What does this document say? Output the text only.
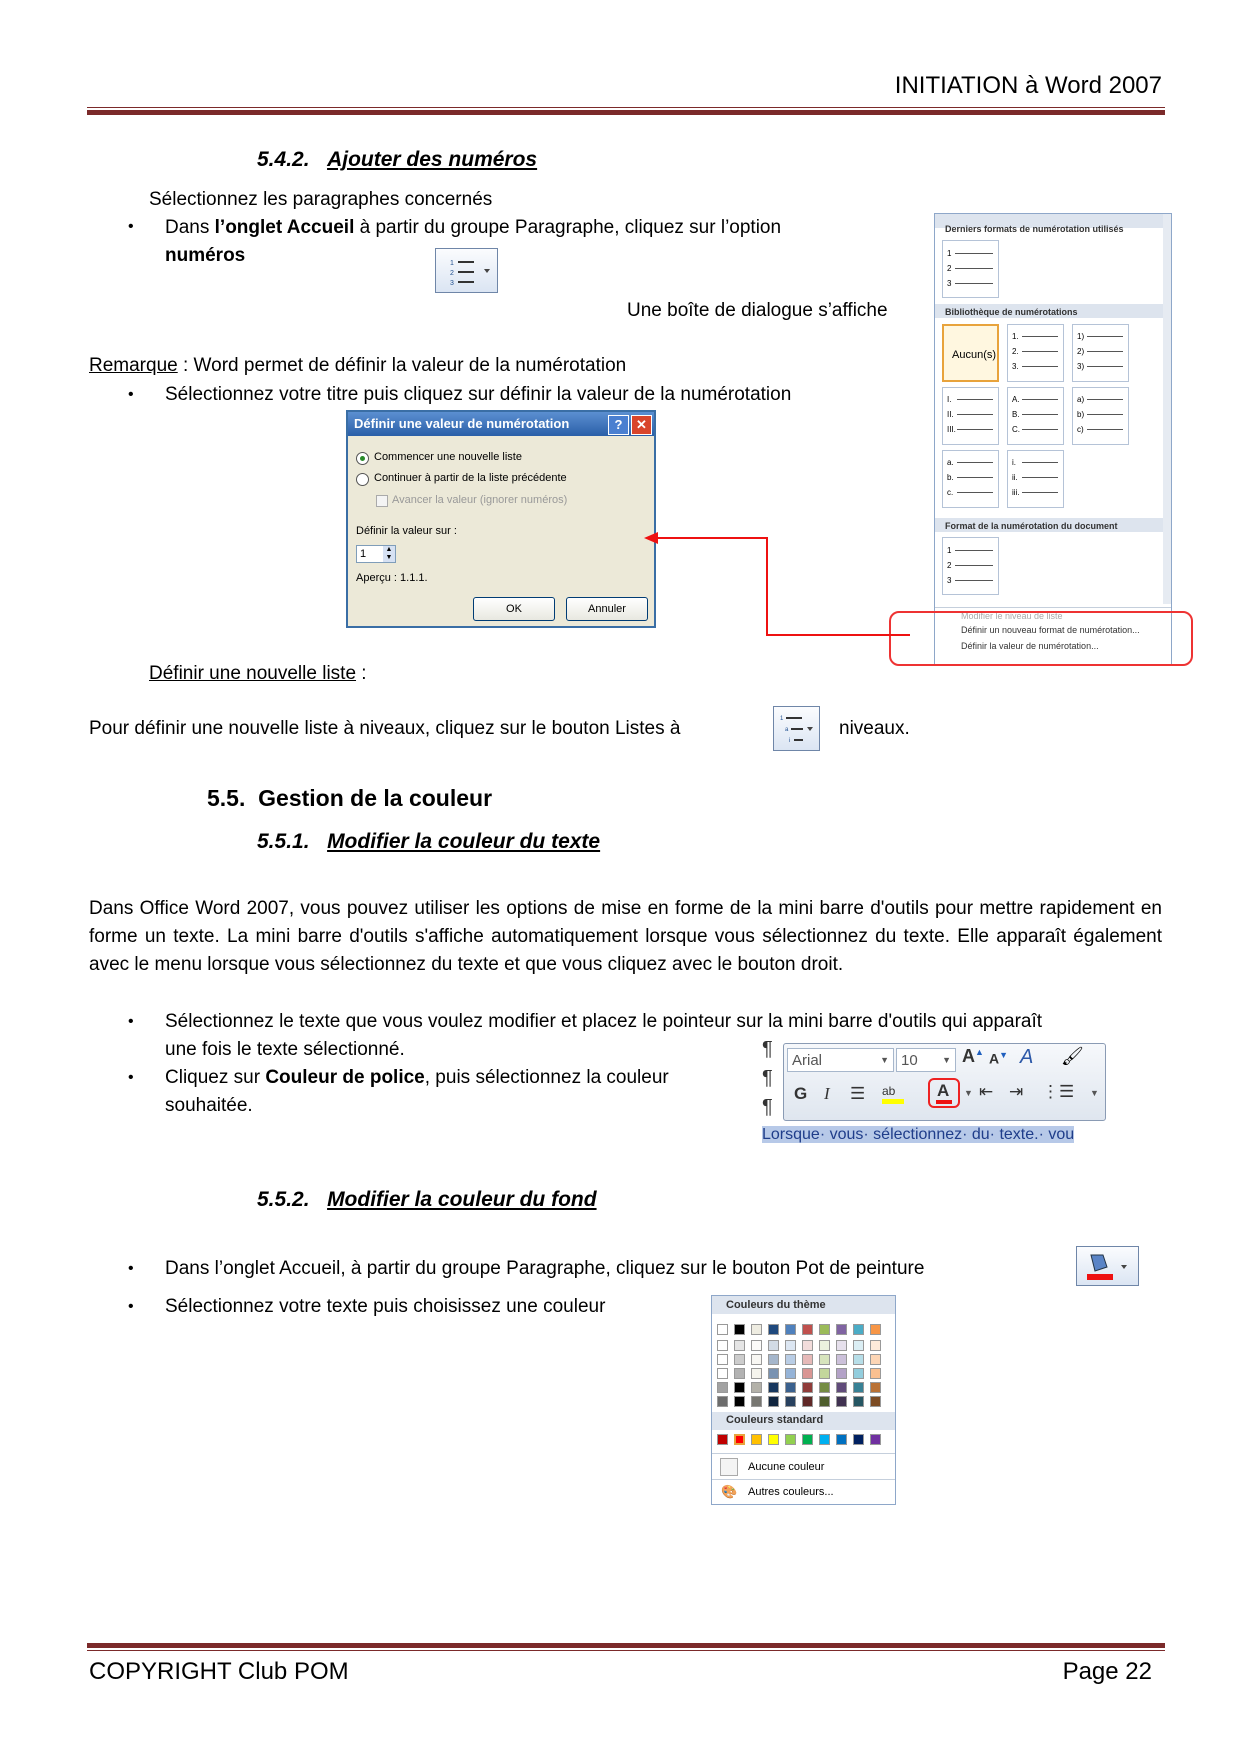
INITIATION à Word 2007
5.4.2. Ajouter des numéros
Sélectionnez les paragraphes concernés
• Dans l’onglet Accueil à partir du groupe Paragraphe, cliquez sur l’option
numéros	1
2
3
Une boîte de dialogue s’affiche
Derniers formats de numérotation utilisés
1
2
3
Bibliothèque de numérotations
Aucun(s)
1.
2.
3.
1)
2)
3)
I.
II.
III.
A.
B.
C.
a)
b)
c)
a.
b.
c.
i.
ii.
iii.
Format de la numérotation du document
1
2
3
Modifier le niveau de liste
Définir un nouveau format de numérotation...
Définir la valeur de numérotation...
Remarque : Word permet de définir la valeur de la numérotation
• Sélectionnez votre titre puis cliquez sur définir la valeur de la numérotation
Définir une valeur de numérotation	?	✕
Commencer une nouvelle liste
Continuer à partir de la liste précédente
Avancer la valeur (ignorer numéros)
Définir la valeur sur :
1	▲
▼
Aperçu : 1.1.1.
OK	Annuler
Définir une nouvelle liste :
Pour définir une nouvelle liste à niveaux, cliquez sur le bouton Listes à	1
a
i
niveaux.
5.5. Gestion de la couleur
5.5.1. Modifier la couleur du texte
Dans Office Word 2007, vous pouvez utiliser les options de mise en forme de la mini barre d'outils pour mettre rapidement en forme un texte. La mini barre d'outils s'affiche automatiquement lorsque vous sélectionnez du texte. Elle apparaît également avec le menu lorsque vous sélectionnez du texte et que vous cliquez avec le bouton droit.
• Sélectionnez le texte que vous voulez modifier et placez le pointeur sur la mini barre d'outils qui apparaît
une fois le texte sélectionné.
• Cliquez sur Couleur de police, puis sélectionnez la couleur
souhaitée.
¶
¶
¶
Arial	▼ 10	▼ A▲ A▼ A 🖌
G I ☰ ab	A ▼ ⇤ ⇥ ⋮☰ ▼
Lorsque· vous· sélectionnez· du· texte.· vou
5.5.2. Modifier la couleur du fond
• Dans l’onglet Accueil, à partir du groupe Paragraphe, cliquez sur le bouton Pot de peinture
• Sélectionnez votre texte puis choisissez une couleur	Couleurs du thème
Couleurs standard
Aucune couleur
🎨 Autres couleurs...
COPYRIGHT Club POM	Page 22
